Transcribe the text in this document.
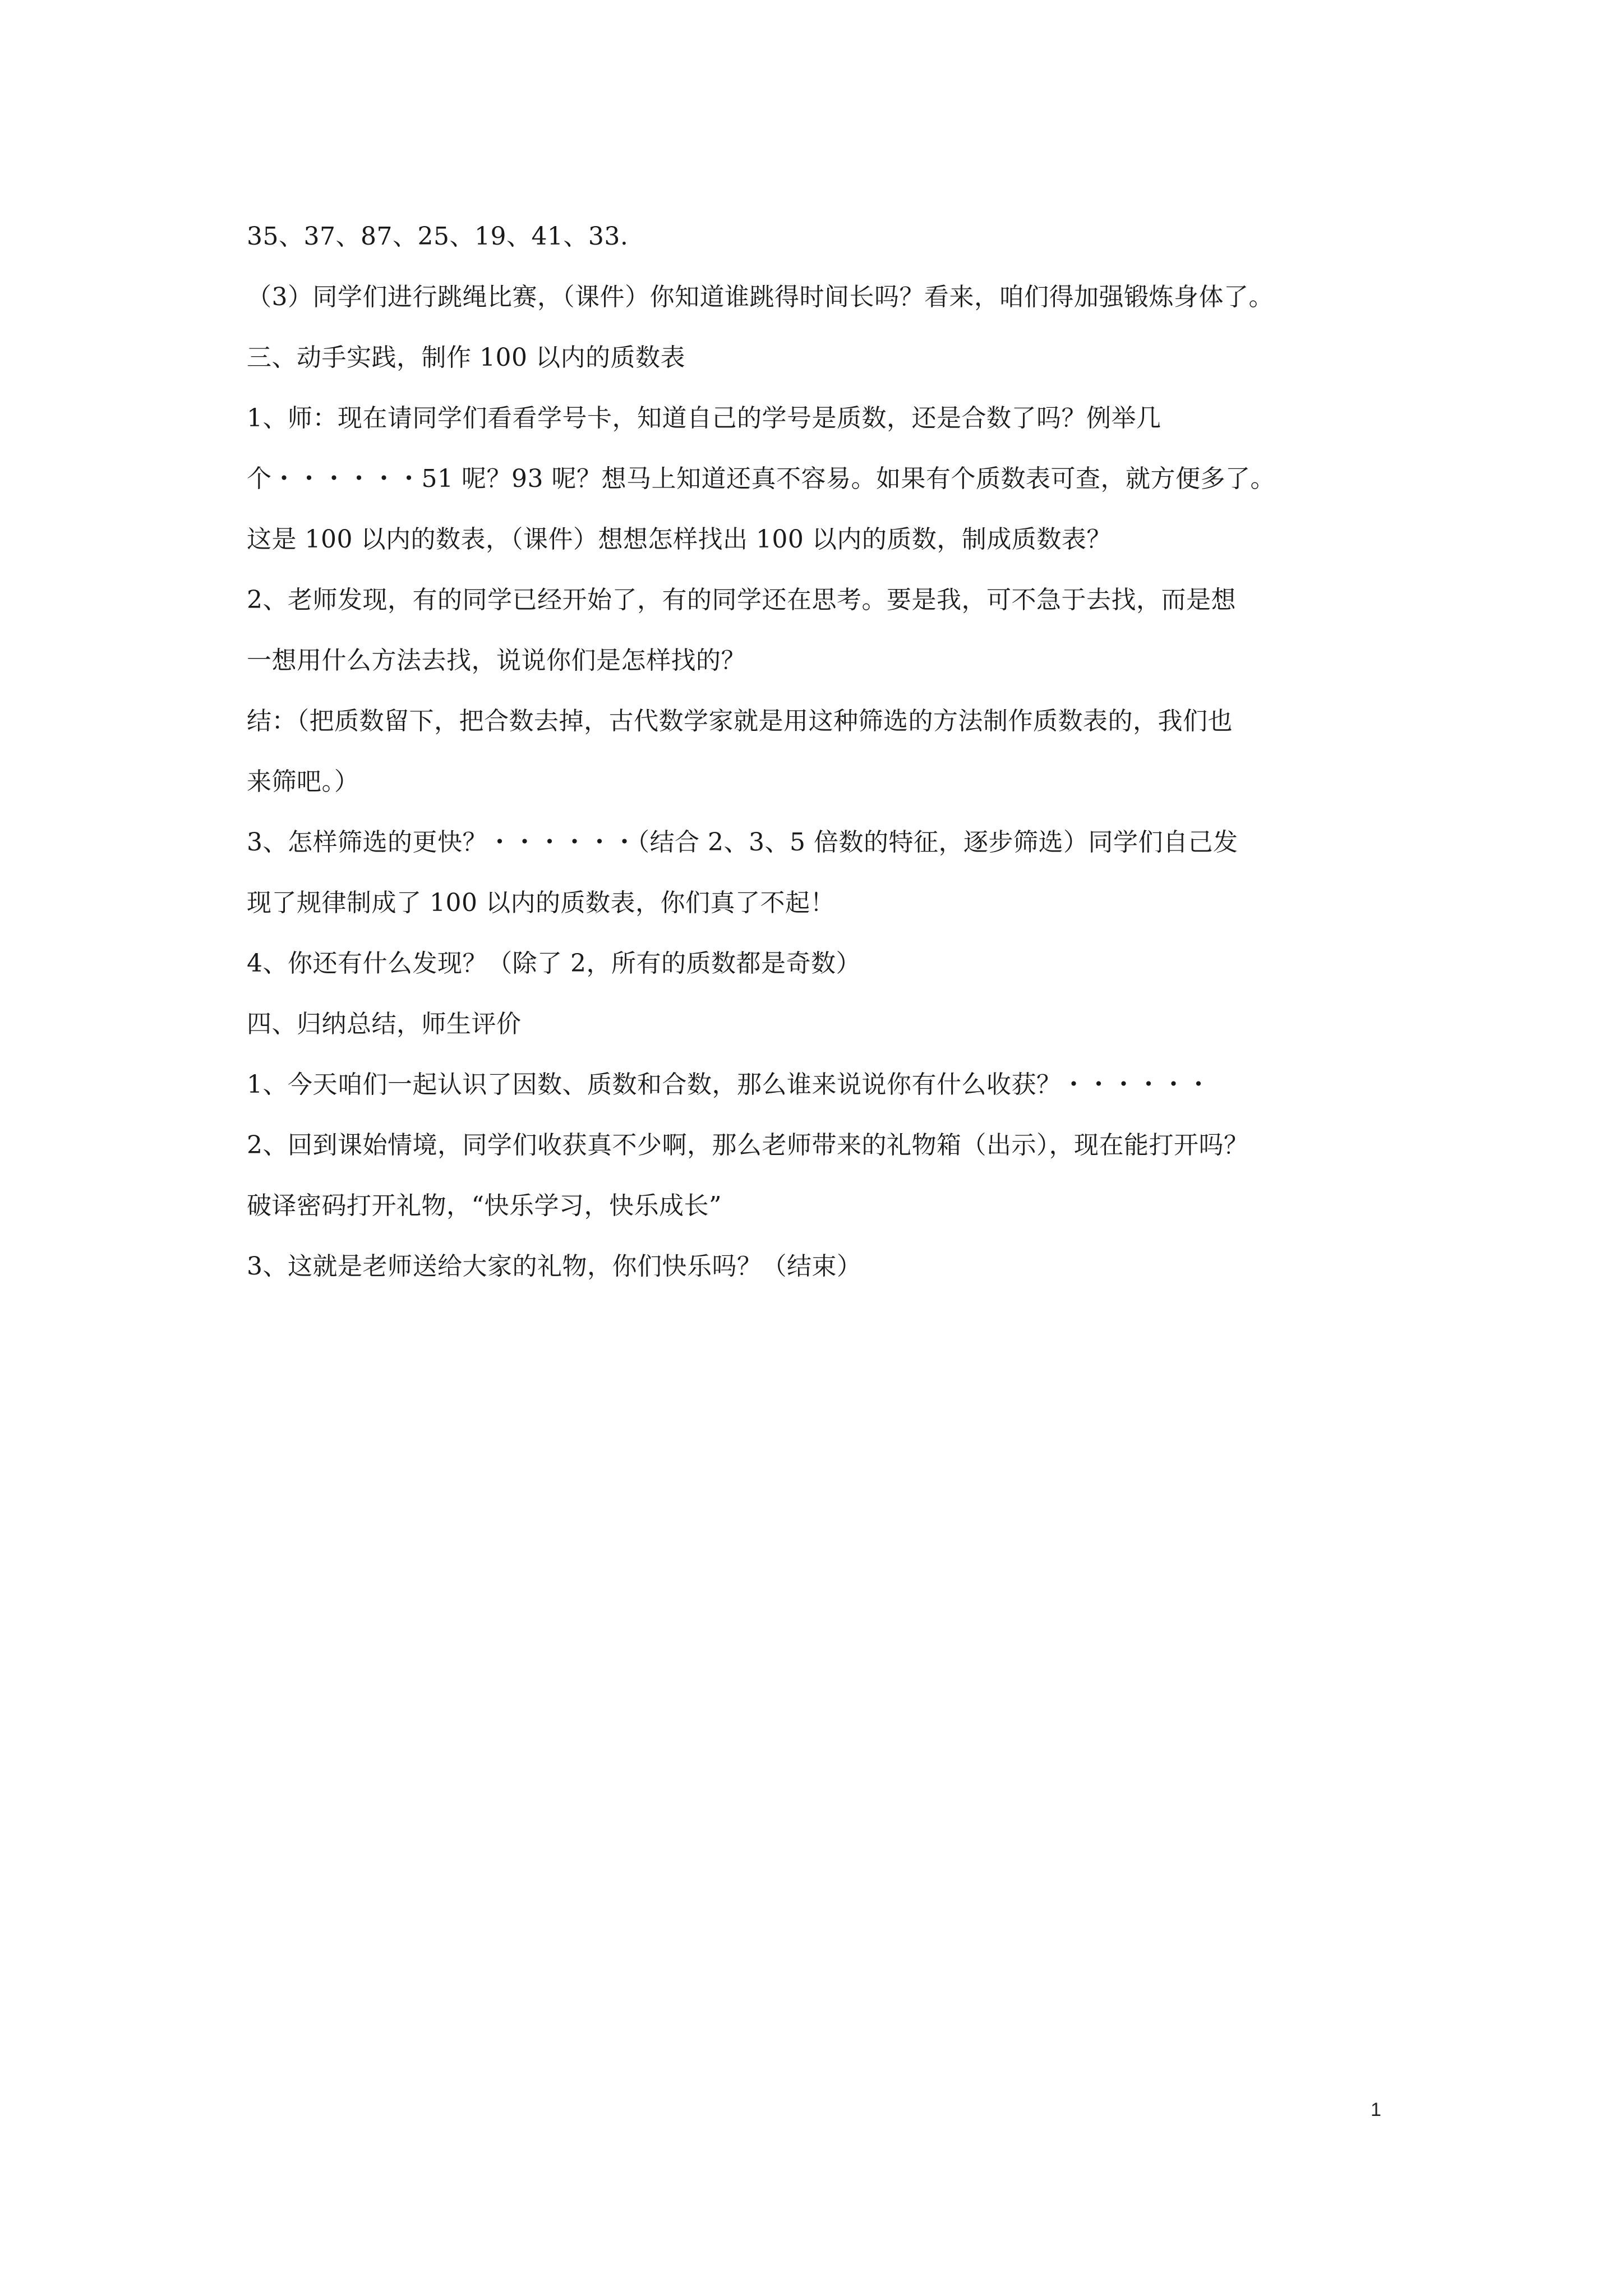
35、37、87、25、19、41、33.
（3）同学们进行跳绳比赛，（课件）你知道谁跳得时间长吗？看来，咱们得加强锻炼身体了。
三、动手实践，制作 100 以内的质数表
1、师：现在请同学们看看学号卡，知道自己的学号是质数，还是合数了吗？例举几
个・・・・・・51 呢？93 呢？想马上知道还真不容易。如果有个质数表可查，就方便多了。
这是 100 以内的数表，（课件）想想怎样找出 100 以内的质数，制成质数表？
2、老师发现，有的同学已经开始了，有的同学还在思考。要是我，可不急于去找，而是想
一想用什么方法去找，说说你们是怎样找的？
结：（把质数留下，把合数去掉，古代数学家就是用这种筛选的方法制作质数表的，我们也
来筛吧。）
3、怎样筛选的更快？・・・・・・（结合 2、3、5 倍数的特征，逐步筛选）同学们自己发
现了规律制成了 100 以内的质数表，你们真了不起！
4、你还有什么发现？（除了 2，所有的质数都是奇数）
四、归纳总结，师生评价
1、今天咱们一起认识了因数、质数和合数，那么谁来说说你有什么收获？・・・・・・
2、回到课始情境，同学们收获真不少啊，那么老师带来的礼物箱（出示），现在能打开吗？
破译密码打开礼物，“快乐学习，快乐成长”
3、这就是老师送给大家的礼物，你们快乐吗？（结束）
1
